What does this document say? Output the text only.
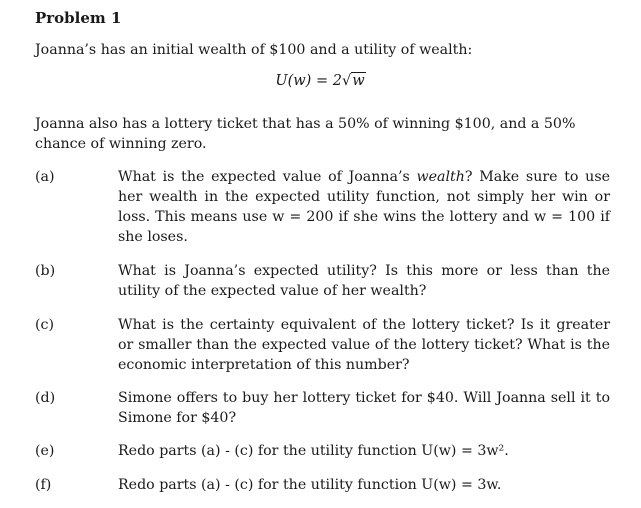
Problem 1
Joanna’s has an initial wealth of $100 and a utility of wealth:
U(w) = 2√w
Joanna also has a lottery ticket that has a 50% of winning $100, and a 50% chance of winning zero.
(a)	What is the expected value of Joanna’s wealth? Make sure to use her wealth in the expected utility function, not simply her win or loss. This means use w = 200 if she wins the lottery and w = 100 if she loses.
(b)	What is Joanna’s expected utility? Is this more or less than the utility of the expected value of her wealth?
(c)	What is the certainty equivalent of the lottery ticket? Is it greater or smaller than the expected value of the lottery ticket? What is the economic interpretation of this number?
(d)	Simone offers to buy her lottery ticket for $40. Will Joanna sell it to Simone for $40?
(e)	Redo parts (a) - (c) for the utility function U(w) = 3w².
(f)	Redo parts (a) - (c) for the utility function U(w) = 3w.
